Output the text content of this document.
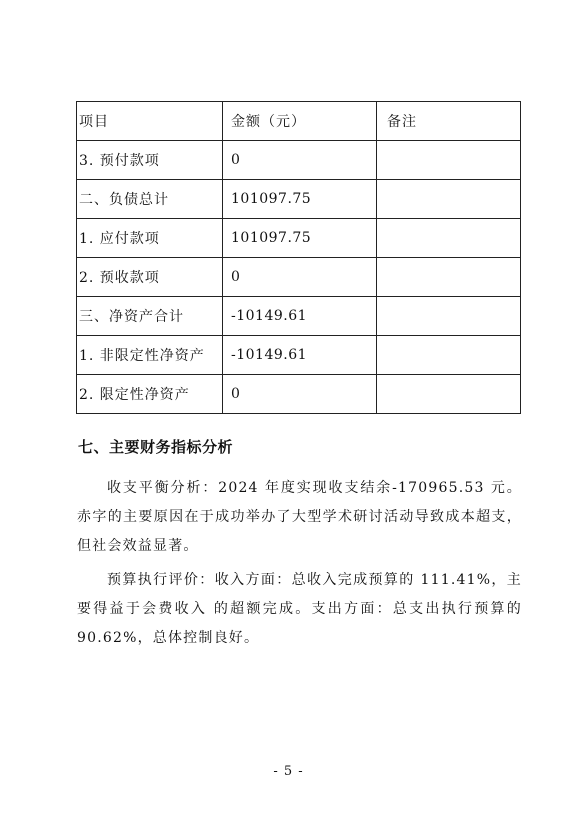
项目	金额（元）	备注
3. 预付款项	0	
二、负债总计	101097.75	
1. 应付款项	101097.75	
2. 预收款项	0	
三、净资产合计	-10149.61	
1. 非限定性净资产	-10149.61	
2. 限定性净资产	0	
七、主要财务指标分析

收支平衡分析：2024 年度实现收支结余-170965.53 元。赤字的主要原因在于成功举办了大型学术研讨活动导致成本超支，但社会效益显著。

预算执行评价：收入方面：总收入完成预算的 111.41%，主要得益于会费收入 的超额完成。支出方面：总支出执行预算的 90.62%，总体控制良好。

- 5 -
